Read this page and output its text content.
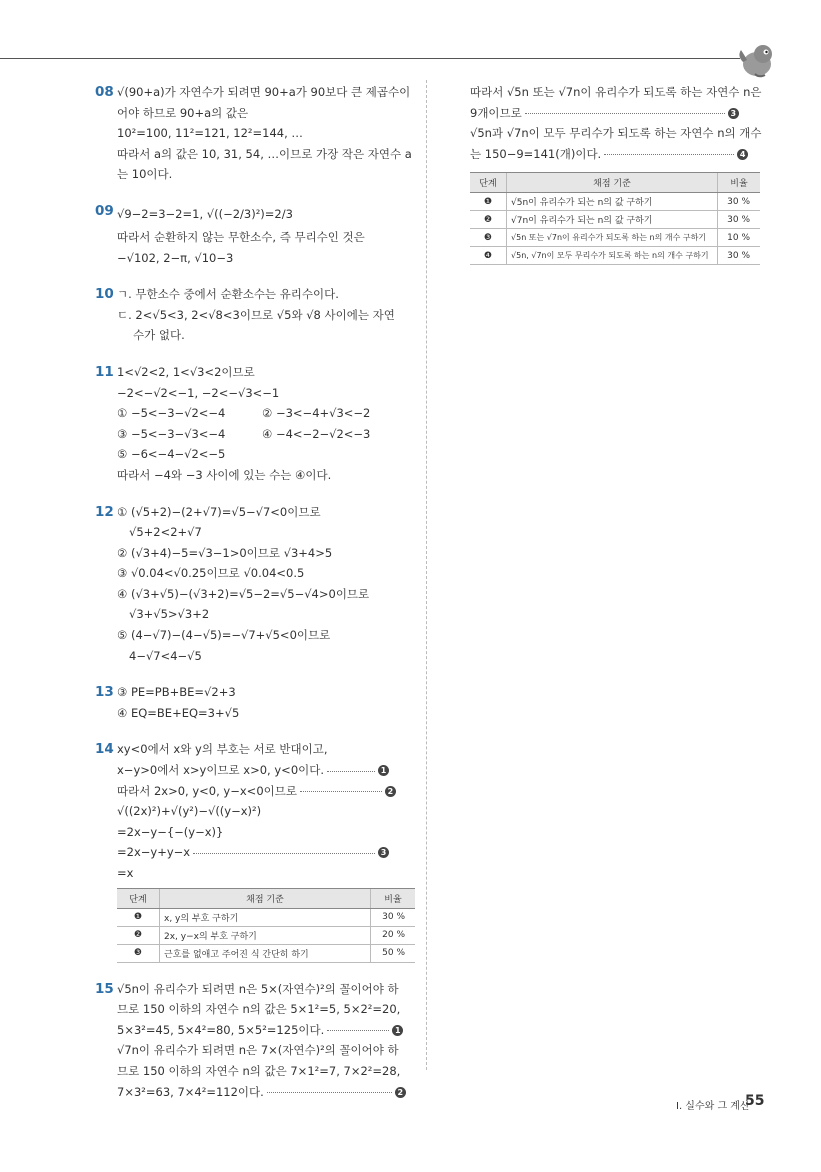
08 √(90+a)가 자연수가 되려면 90+a가 90보다 큰 제곱수이
어야 하므로 90+a의 값은
10²=100, 11²=121, 12²=144, …
따라서 a의 값은 10, 31, 54, …이므로 가장 작은 자연수 a
는 10이다.
09 √9−2=3−2=1, √((−2/3)²)=2/3
따라서 순환하지 않는 무한소수, 즉 무리수인 것은
−√102, 2−π, √10−3
10 ㄱ. 무한소수 중에서 순환소수는 유리수이다.
ㄷ. 2<√5<3, 2<√8<3이므로 √5와 √8 사이에는 자연
수가 없다.
11 1<√2<2, 1<√3<2이므로
−2<−√2<−1, −2<−√3<−1
① −5<−3−√2<−4	② −3<−4+√3<−2
③ −5<−3−√3<−4	④ −4<−2−√2<−3
⑤ −6<−4−√2<−5
따라서 −4와 −3 사이에 있는 수는 ④이다.
12 ① (√5+2)−(2+√7)=√5−√7<0이므로
√5+2<2+√7
② (√3+4)−5=√3−1>0이므로 √3+4>5
③ √0.04<√0.25이므로 √0.04<0.5
④ (√3+√5)−(√3+2)=√5−2=√5−√4>0이므로
√3+√5>√3+2
⑤ (4−√7)−(4−√5)=−√7+√5<0이므로
4−√7<4−√5
13 ③ PE=PB+BE=√2+3
④ EQ=BE+EQ=3+√5
14 xy<0에서 x와 y의 부호는 서로 반대이고,
x−y>0에서 x>y이므로 x>0, y<0이다.	1
따라서 2x>0, y<0, y−x<0이므로	2
√((2x)²)+√(y²)−√((y−x)²)
=2x−y−{−(y−x)}
=2x−y+y−x	3
=x
단계	채점 기준	비율
❶	x, y의 부호 구하기	30 %
❷	2x, y−x의 부호 구하기	20 %
❸	근호를 없애고 주어진 식 간단히 하기	50 %
15 √5n이 유리수가 되려면 n은 5×(자연수)²의 꼴이어야 하
므로 150 이하의 자연수 n의 값은 5×1²=5, 5×2²=20,
5×3²=45, 5×4²=80, 5×5²=125이다.	1
√7n이 유리수가 되려면 n은 7×(자연수)²의 꼴이어야 하
므로 150 이하의 자연수 n의 값은 7×1²=7, 7×2²=28,
7×3²=63, 7×4²=112이다.	2
따라서 √5n 또는 √7n이 유리수가 되도록 하는 자연수 n은
9개이므로	3
√5n과 √7n이 모두 무리수가 되도록 하는 자연수 n의 개수
는 150−9=141(개)이다.	4
단계	채점 기준	비율
❶	√5n이 유리수가 되는 n의 값 구하기	30 %
❷	√7n이 유리수가 되는 n의 값 구하기	30 %
❸	√5n 또는 √7n이 유리수가 되도록 하는 n의 개수 구하기	10 %
❹	√5n, √7n이 모두 무리수가 되도록 하는 n의 개수 구하기	30 %
Ⅰ. 실수와 그 계산
55
